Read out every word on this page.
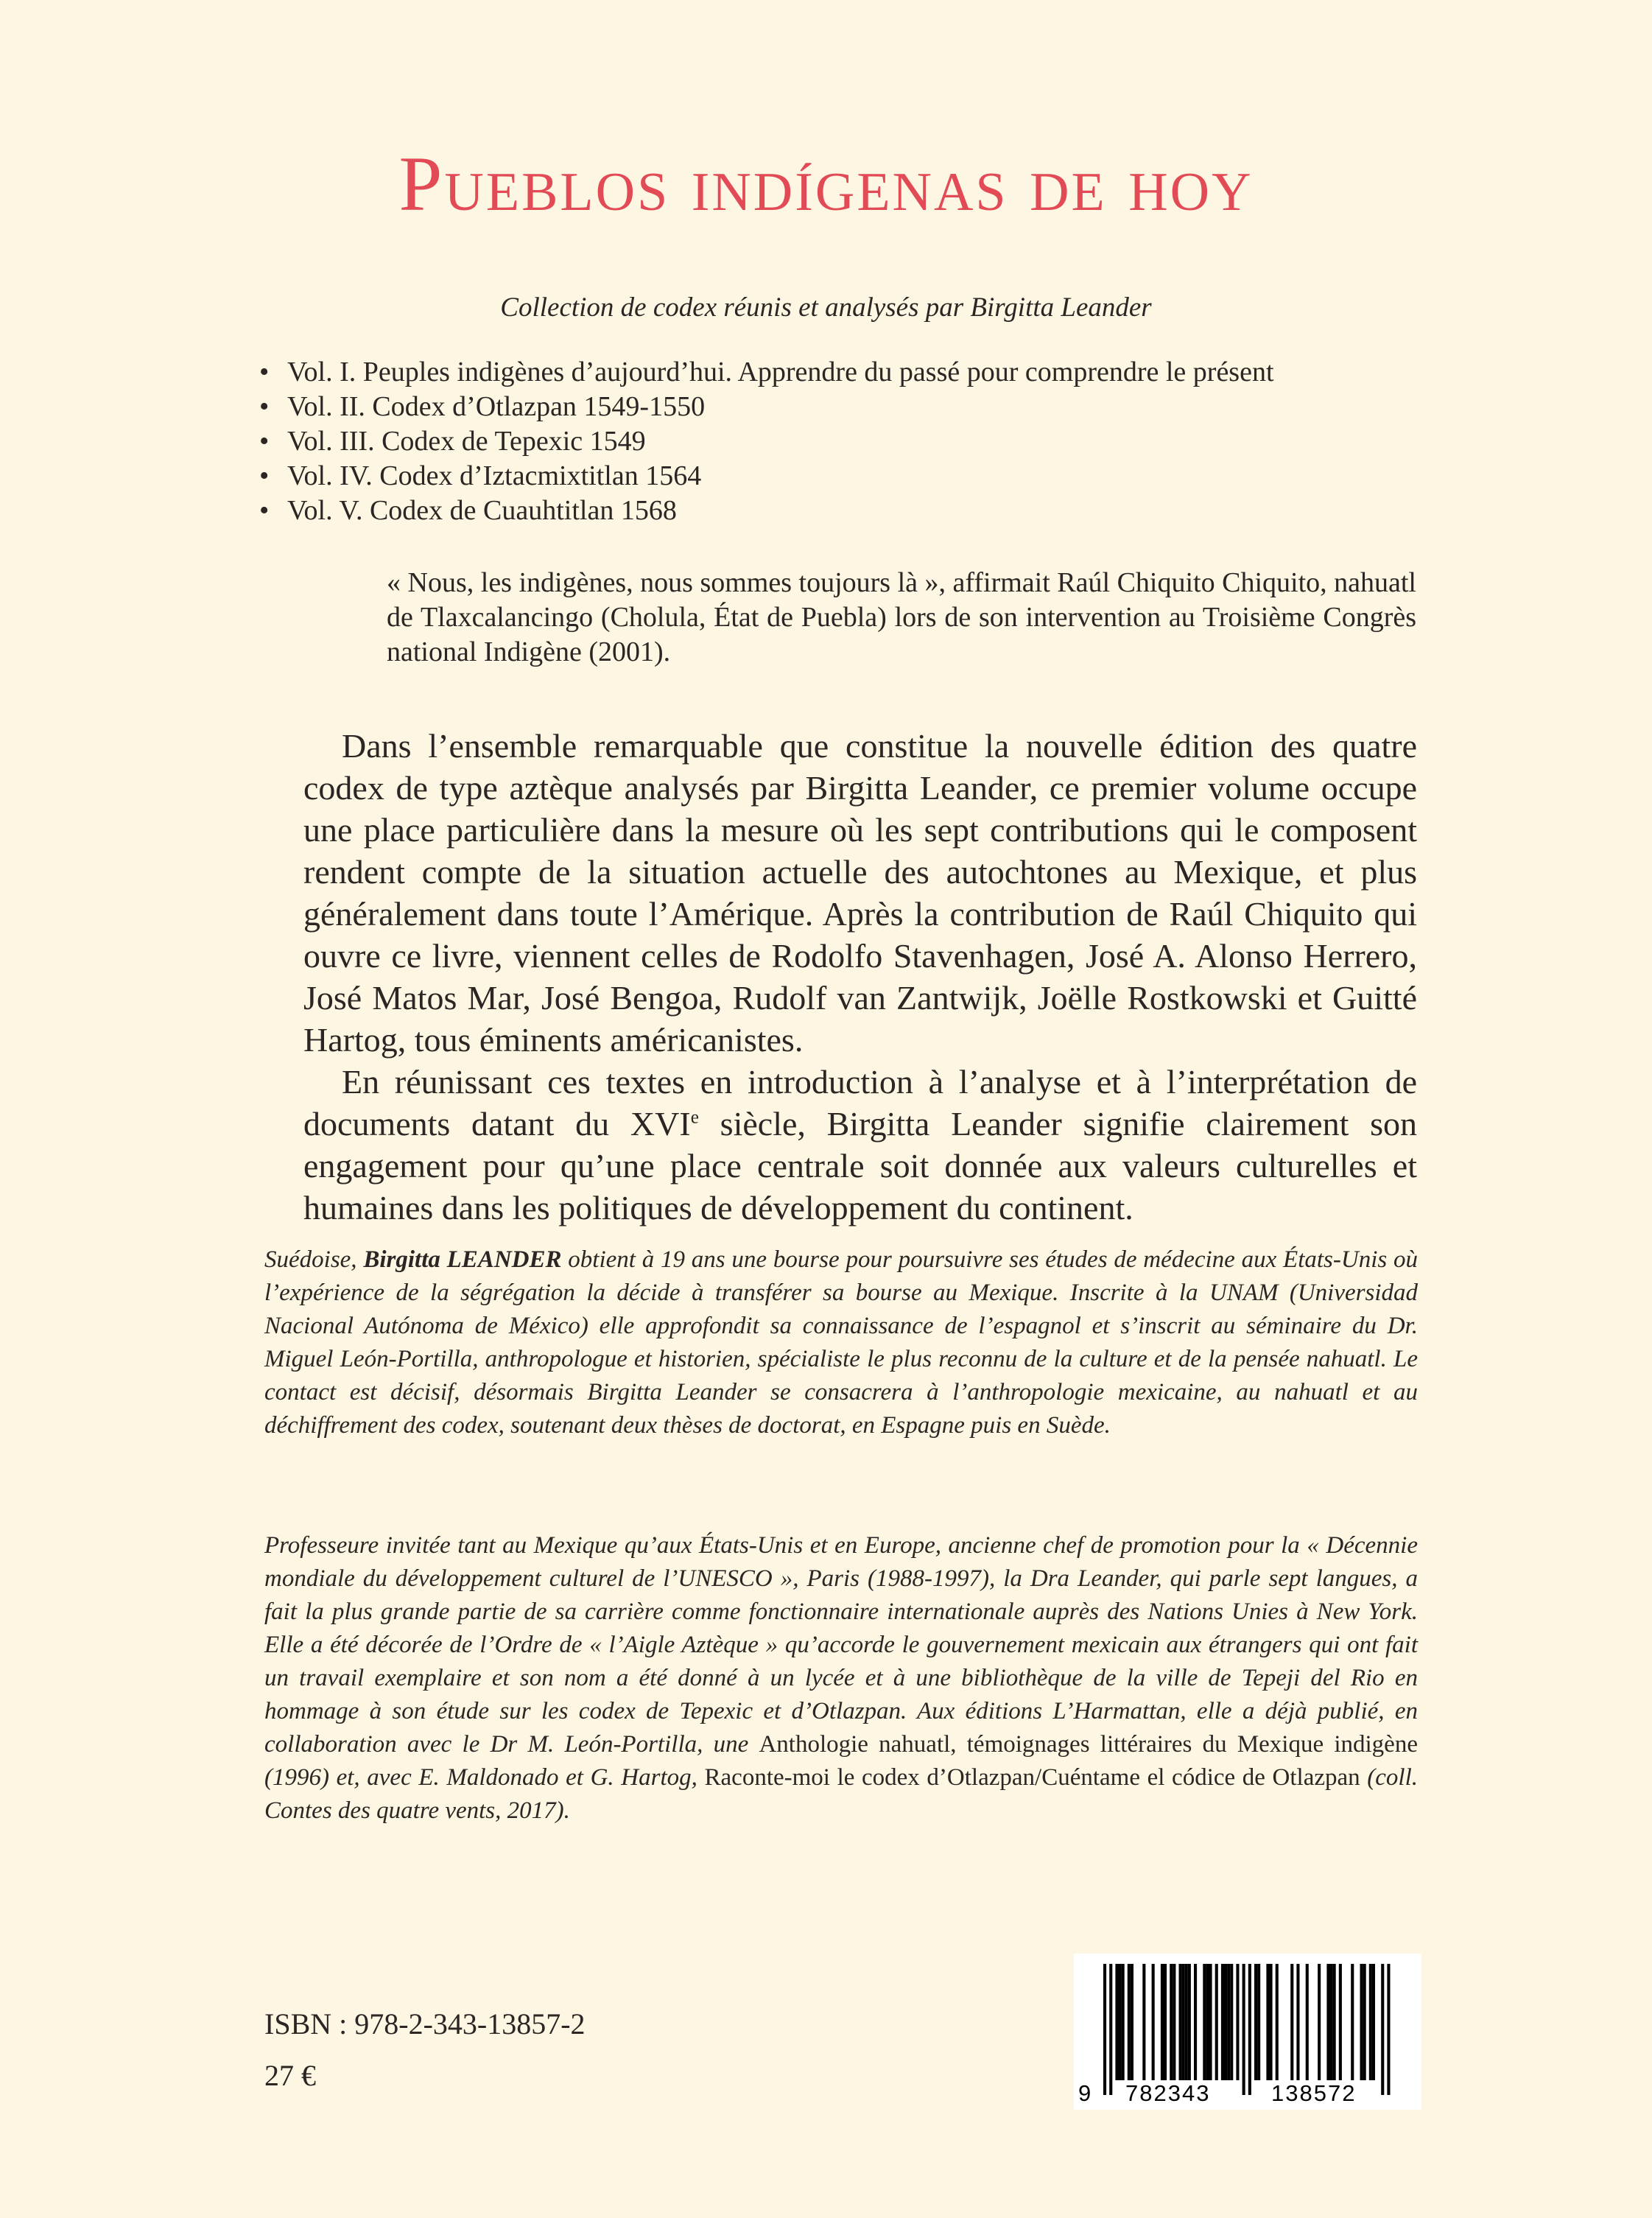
Pueblos indígenas de hoy

Collection de codex réunis et analysés par Birgitta Leander

• Vol. I. Peuples indigènes d’aujourd’hui. Apprendre du passé pour comprendre le présent
• Vol. II. Codex d’Otlazpan 1549-1550
• Vol. III. Codex de Tepexic 1549
• Vol. IV. Codex d’Iztacmixtitlan 1564
• Vol. V. Codex de Cuauhtitlan 1568

« Nous, les indigènes, nous sommes toujours là », affirmait Raúl Chiquito Chiquito, nahuatl de Tlaxcalancingo (Cholula, État de Puebla) lors de son intervention au Troisième Congrès national Indigène (2001).

Dans l’ensemble remarquable que constitue la nouvelle édition des quatre codex de type aztèque analysés par Birgitta Leander, ce premier volume occupe une place particulière dans la mesure où les sept contributions qui le composent rendent compte de la situation actuelle des autochtones au Mexique, et plus généralement dans toute l’Amérique. Après la contribution de Raúl Chiquito qui ouvre ce livre, viennent celles de Rodolfo Stavenhagen, José A. Alonso Herrero, José Matos Mar, José Bengoa, Rudolf van Zantwijk, Joëlle Rostkowski et Guitté Hartog, tous éminents américanistes.

En réunissant ces textes en introduction à l’analyse et à l’interprétation de documents datant du XVIe siècle, Birgitta Leander signifie clairement son engagement pour qu’une place centrale soit donnée aux valeurs culturelles et humaines dans les politiques de développement du continent.

Suédoise, Birgitta LEANDER obtient à 19 ans une bourse pour poursuivre ses études de médecine aux États-Unis où l’expérience de la ségrégation la décide à transférer sa bourse au Mexique. Inscrite à la UNAM (Universidad Nacional Autónoma de México) elle approfondit sa connaissance de l’espagnol et s’inscrit au séminaire du Dr. Miguel León-Portilla, anthropologue et historien, spécialiste le plus reconnu de la culture et de la pensée nahuatl. Le contact est décisif, désormais Birgitta Leander se consacrera à l’anthropologie mexicaine, au nahuatl et au déchiffrement des codex, soutenant deux thèses de doctorat, en Espagne puis en Suède.

Professeure invitée tant au Mexique qu’aux États-Unis et en Europe, ancienne chef de promotion pour la « Décennie mondiale du développement culturel de l’UNESCO », Paris (1988-1997), la Dra Leander, qui parle sept langues, a fait la plus grande partie de sa carrière comme fonctionnaire internationale auprès des Nations Unies à New York. Elle a été décorée de l’Ordre de « l’Aigle Aztèque » qu’accorde le gouvernement mexicain aux étrangers qui ont fait un travail exemplaire et son nom a été donné à un lycée et à une bibliothèque de la ville de Tepeji del Rio en hommage à son étude sur les codex de Tepexic et d’Otlazpan. Aux éditions L’Harmattan, elle a déjà publié, en collaboration avec le Dr M. León-Portilla, une Anthologie nahuatl, témoignages littéraires du Mexique indigène (1996) et, avec E. Maldonado et G. Hartog, Raconte-moi le codex d’Otlazpan/Cuéntame el códice de Otlazpan (coll. Contes des quatre vents, 2017).

ISBN : 978-2-343-13857-2

27 €

9 782343	138572
